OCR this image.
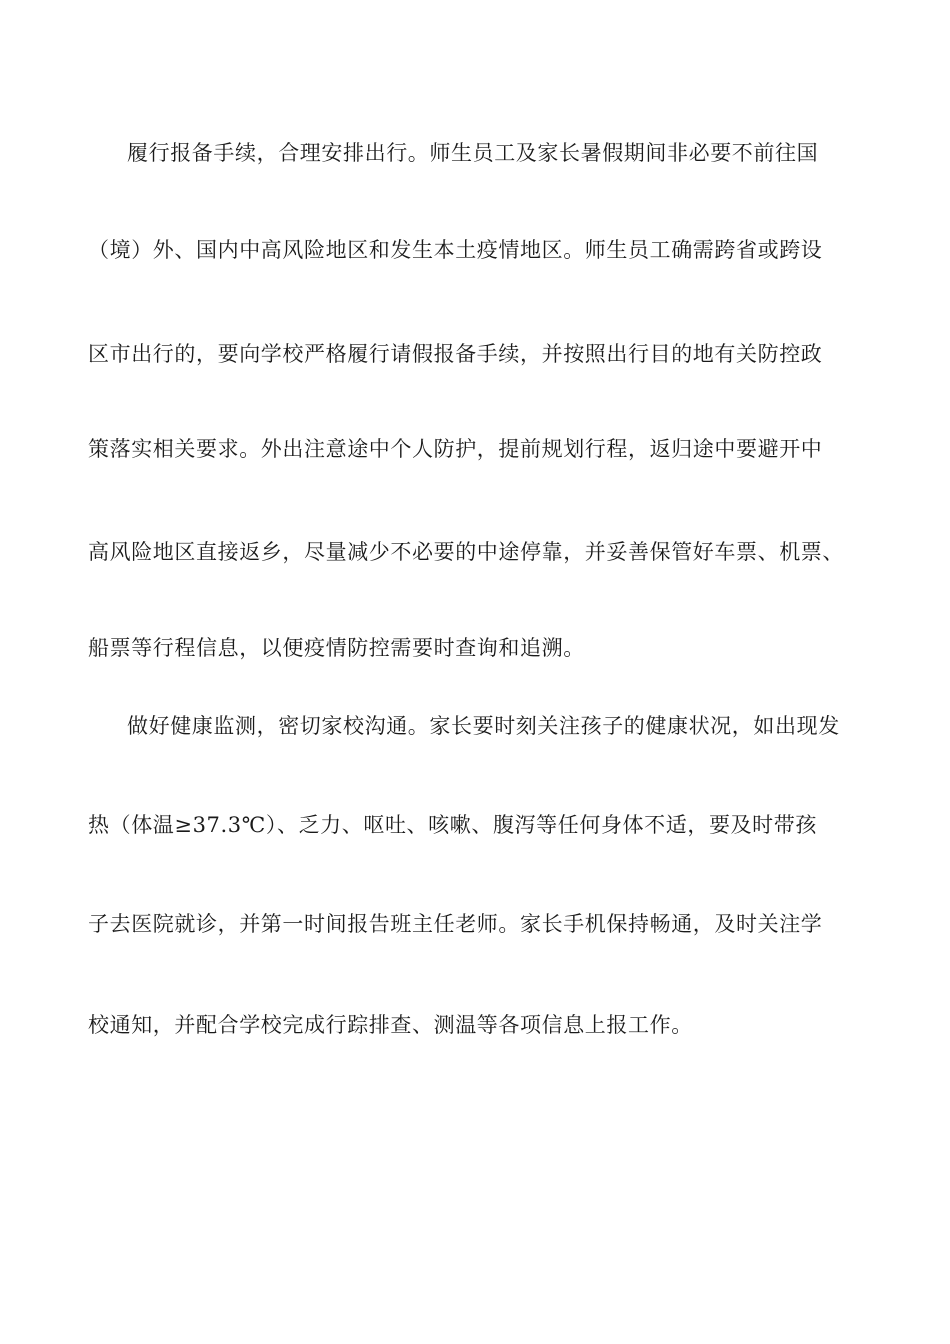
履行报备手续，合理安排出行。师生员工及家长暑假期间非必要不前往国
（境）外、国内中高风险地区和发生本土疫情地区。师生员工确需跨省或跨设
区市出行的，要向学校严格履行请假报备手续，并按照出行目的地有关防控政
策落实相关要求。外出注意途中个人防护，提前规划行程，返归途中要避开中
高风险地区直接返乡，尽量减少不必要的中途停靠，并妥善保管好车票、机票、
船票等行程信息，以便疫情防控需要时查询和追溯。
做好健康监测，密切家校沟通。家长要时刻关注孩子的健康状况，如出现发
热（体温≥37.3℃）、乏力、呕吐、咳嗽、腹泻等任何身体不适，要及时带孩
子去医院就诊，并第一时间报告班主任老师。家长手机保持畅通，及时关注学
校通知，并配合学校完成行踪排查、测温等各项信息上报工作。
